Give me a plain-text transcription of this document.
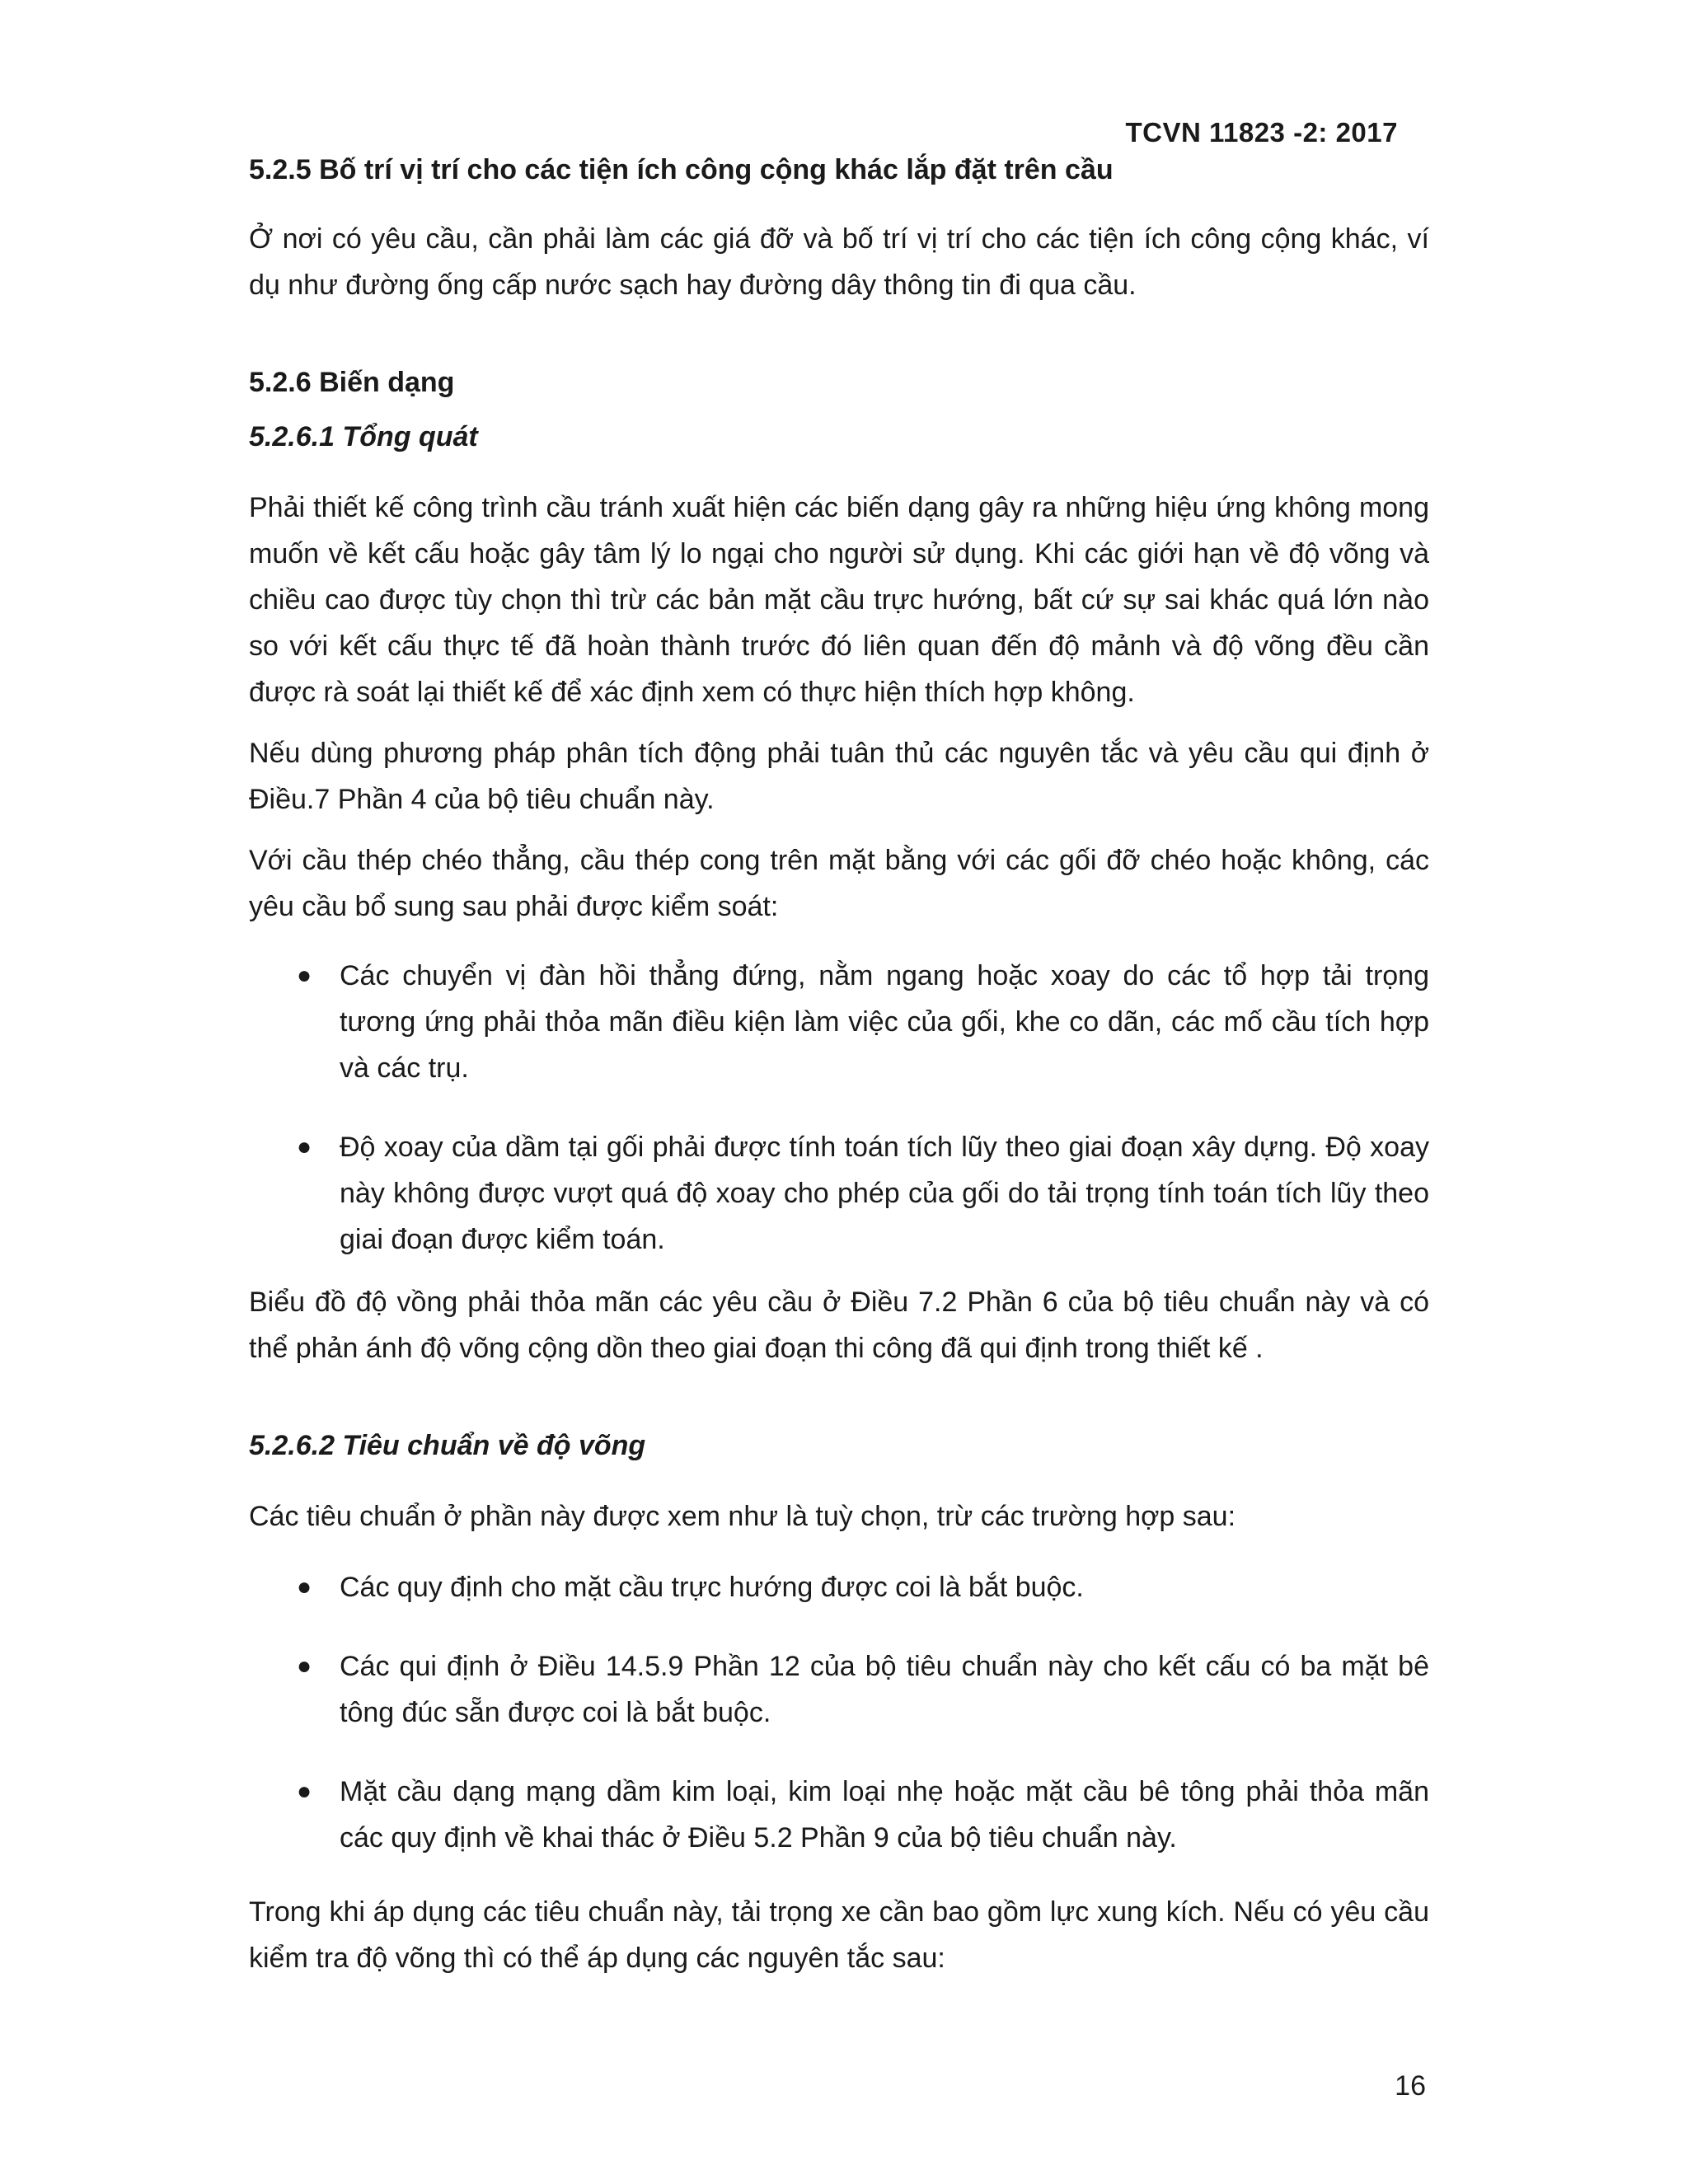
TCVN 11823 -2: 2017
5.2.5 Bố trí vị trí cho các tiện ích công cộng khác lắp đặt trên cầu

Ở nơi có yêu cầu, cần phải làm các giá đỡ và bố trí vị trí cho các tiện ích công cộng khác, ví dụ như đường ống cấp nước sạch hay đường dây thông tin đi qua cầu.

5.2.6 Biến dạng
5.2.6.1 Tổng quát

Phải thiết kế công trình cầu tránh xuất hiện các biến dạng gây ra những hiệu ứng không mong muốn về kết cấu hoặc gây tâm lý lo ngại cho người sử dụng. Khi các giới hạn về độ võng và chiều cao được tùy chọn thì trừ các bản mặt cầu trực hướng, bất cứ sự sai khác quá lớn nào so với kết cấu thực tế đã hoàn thành trước đó liên quan đến độ mảnh và độ võng đều cần được rà soát lại thiết kế để xác định xem có thực hiện thích hợp không.

Nếu dùng phương pháp phân tích động phải tuân thủ các nguyên tắc và yêu cầu qui định ở Điều.7 Phần 4 của bộ tiêu chuẩn này.

Với cầu thép chéo thẳng, cầu thép cong trên mặt bằng với các gối đỡ chéo hoặc không, các yêu cầu bổ sung sau phải được kiểm soát:

● Các chuyển vị đàn hồi thẳng đứng, nằm ngang hoặc xoay do các tổ hợp tải trọng tương ứng phải thỏa mãn điều kiện làm việc của gối, khe co dãn, các mố cầu tích hợp và các trụ.
● Độ xoay của dầm tại gối phải được tính toán tích lũy theo giai đoạn xây dựng. Độ xoay này không được vượt quá độ xoay cho phép của gối do tải trọng tính toán tích lũy theo giai đoạn được kiểm toán.

Biểu đồ độ vồng phải thỏa mãn các yêu cầu ở Điều 7.2 Phần 6 của bộ tiêu chuẩn này và có thể phản ánh độ võng cộng dồn theo giai đoạn thi công đã qui định trong thiết kế .

5.2.6.2 Tiêu chuẩn về độ võng

Các tiêu chuẩn ở phần này được xem như là tuỳ chọn, trừ các trường hợp sau:

● Các quy định cho mặt cầu trực hướng được coi là bắt buộc.
● Các qui định ở Điều 14.5.9 Phần 12 của bộ tiêu chuẩn này cho kết cấu có ba mặt bê tông đúc sẵn được coi là bắt buộc.
● Mặt cầu dạng mạng dầm kim loại, kim loại nhẹ hoặc mặt cầu bê tông phải thỏa mãn các quy định về khai thác ở Điều 5.2 Phần 9 của bộ tiêu chuẩn này.

Trong khi áp dụng các tiêu chuẩn này, tải trọng xe cần bao gồm lực xung kích. Nếu có yêu cầu kiểm tra độ võng thì có thể áp dụng các nguyên tắc sau:

16
